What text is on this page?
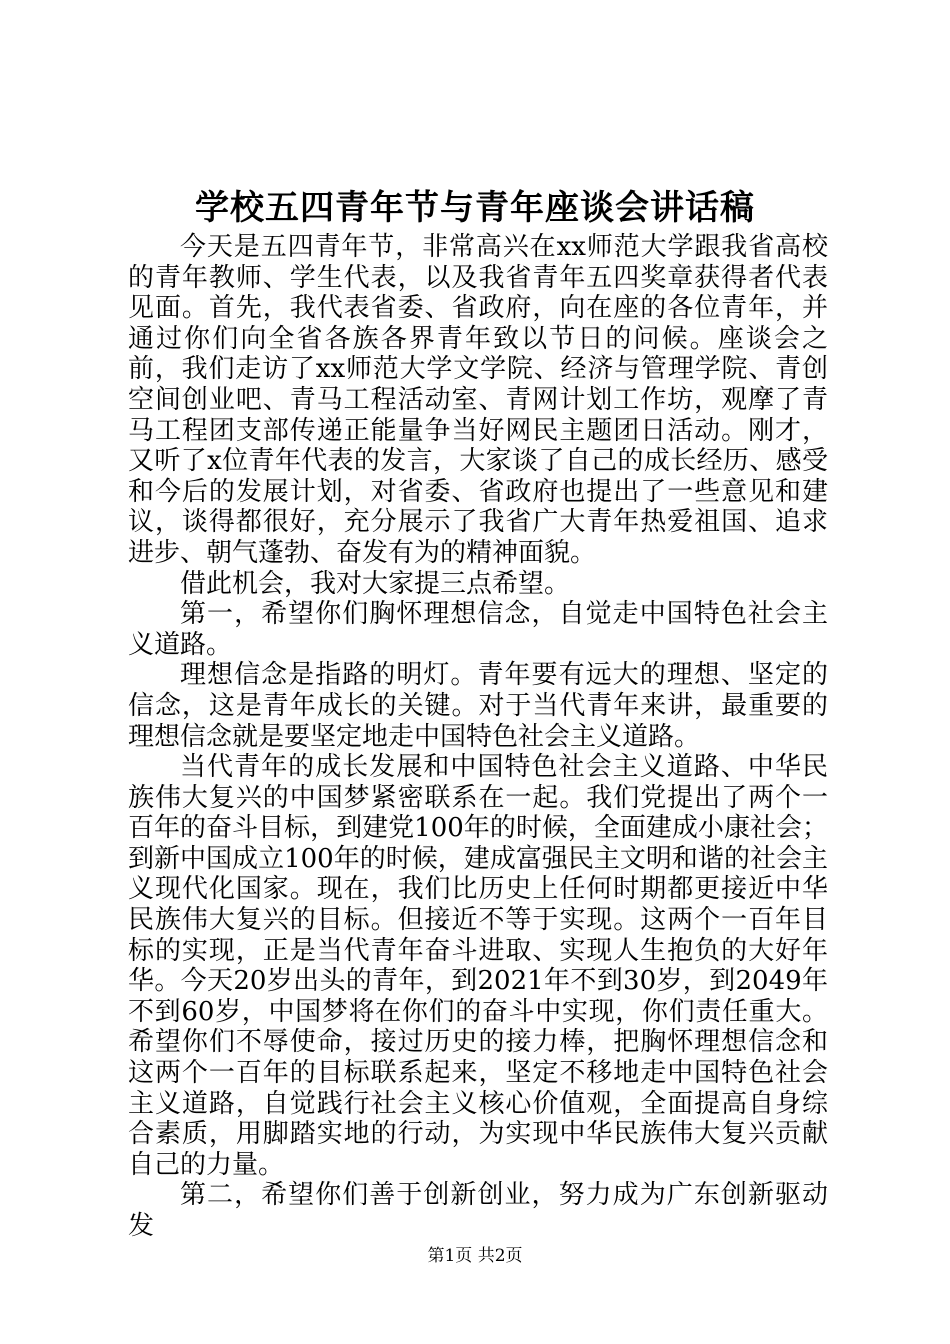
学校五四青年节与青年座谈会讲话稿

今天是五四青年节，非常高兴在xx师范大学跟我省高校的青年教师、学生代表，以及我省青年五四奖章获得者代表见面。首先，我代表省委、省政府，向在座的各位青年，并通过你们向全省各族各界青年致以节日的问候。座谈会之前，我们走访了xx师范大学文学院、经济与管理学院、青创空间创业吧、青马工程活动室、青网计划工作坊，观摩了青马工程团支部传递正能量争当好网民主题团日活动。刚才，又听了x位青年代表的发言，大家谈了自己的成长经历、感受和今后的发展计划，对省委、省政府也提出了一些意见和建议，谈得都很好，充分展示了我省广大青年热爱祖国、追求进步、朝气蓬勃、奋发有为的精神面貌。

借此机会，我对大家提三点希望。

第一，希望你们胸怀理想信念，自觉走中国特色社会主义道路。

理想信念是指路的明灯。青年要有远大的理想、坚定的信念，这是青年成长的关键。对于当代青年来讲，最重要的理想信念就是要坚定地走中国特色社会主义道路。

当代青年的成长发展和中国特色社会主义道路、中华民族伟大复兴的中国梦紧密联系在一起。我们党提出了两个一百年的奋斗目标，到建党100年的时候，全面建成小康社会；到新中国成立100年的时候，建成富强民主文明和谐的社会主义现代化国家。现在，我们比历史上任何时期都更接近中华民族伟大复兴的目标。但接近不等于实现。这两个一百年目标的实现，正是当代青年奋斗进取、实现人生抱负的大好年华。今天20岁出头的青年，到2021年不到30岁，到2049年不到60岁，中国梦将在你们的奋斗中实现，你们责任重大。希望你们不辱使命，接过历史的接力棒，把胸怀理想信念和这两个一百年的目标联系起来，坚定不移地走中国特色社会主义道路，自觉践行社会主义核心价值观，全面提高自身综合素质，用脚踏实地的行动，为实现中华民族伟大复兴贡献自己的力量。

第二，希望你们善于创新创业，努力成为广东创新驱动发

第1页 共2页
